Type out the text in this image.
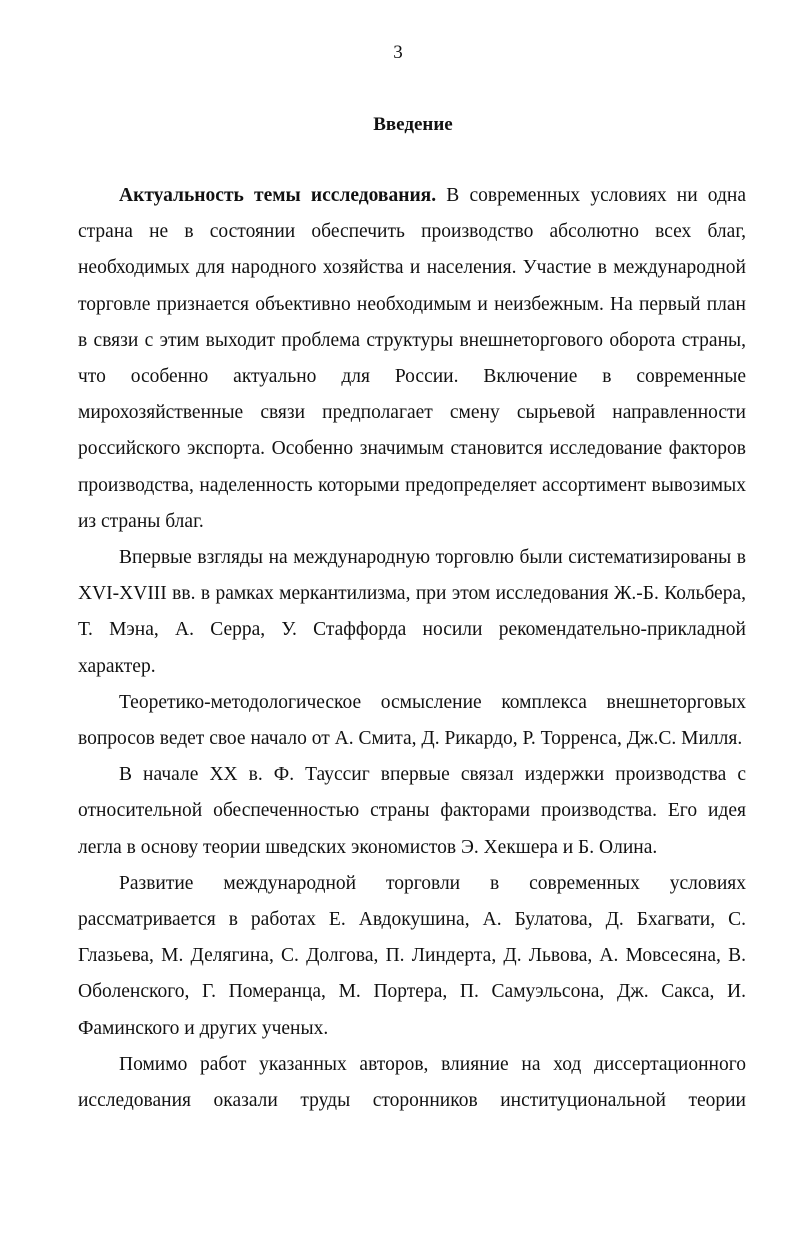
3
Введение

Актуальность темы исследования. В современных условиях ни одна страна не в состоянии обеспечить производство абсолютно всех благ, необходимых для народного хозяйства и населения. Участие в международной торговле признается объективно необходимым и неизбежным. На первый план в связи с этим выходит проблема структуры внешнеторгового оборота страны, что особенно актуально для России. Включение в современные мирохозяйственные связи предполагает смену сырьевой направленности российского экспорта. Особенно значимым становится исследование факторов производства, наделенность которыми предопределяет ассортимент вывозимых из страны благ.

Впервые взгляды на международную торговлю были систематизированы в XVI-XVIII вв. в рамках меркантилизма, при этом исследования Ж.-Б. Кольбера, Т. Мэна, А. Серра, У. Стаффорда носили рекомендательно-прикладной характер.

Теоретико-методологическое осмысление комплекса внешнеторговых вопросов ведет свое начало от А. Смита, Д. Рикардо, Р. Торренса, Дж.С. Милля.

В начале XX в. Ф. Тауссиг впервые связал издержки производства с относительной обеспеченностью страны факторами производства. Его идея легла в основу теории шведских экономистов Э. Хекшера и Б. Олина.

Развитие международной торговли в современных условиях рассматривается в работах Е. Авдокушина, А. Булатова, Д. Бхагвати, С. Глазьева, М. Делягина, С. Долгова, П. Линдерта, Д. Львова, А. Мовсесяна, В. Оболенского, Г. Померанца, М. Портера, П. Самуэльсона, Дж. Сакса, И. Фаминского и других ученых.

Помимо работ указанных авторов, влияние на ход диссертационного исследования оказали труды сторонников институциональной теории
